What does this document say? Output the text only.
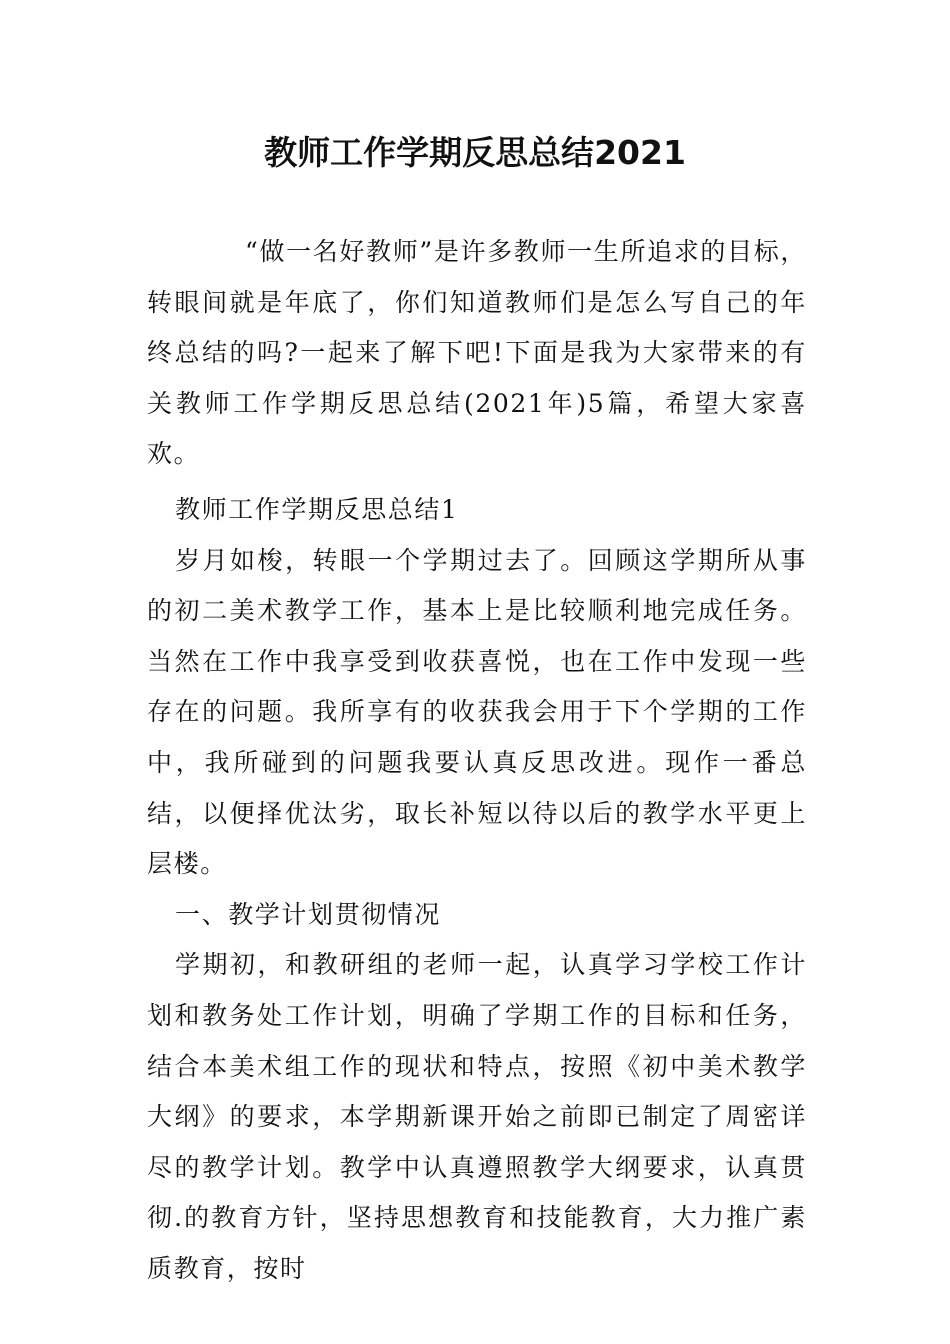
教师工作学期反思总结2021

“做一名好教师”是许多教师一生所追求的目标，转眼间就是年底了，你们知道教师们是怎么写自己的年终总结的吗?一起来了解下吧!下面是我为大家带来的有关教师工作学期反思总结(2021年)5篇，希望大家喜欢。

教师工作学期反思总结1

岁月如梭，转眼一个学期过去了。回顾这学期所从事的初二美术教学工作，基本上是比较顺利地完成任务。当然在工作中我享受到收获喜悦，也在工作中发现一些存在的问题。我所享有的收获我会用于下个学期的工作中，我所碰到的问题我要认真反思改进。现作一番总结，以便择优汰劣，取长补短以待以后的教学水平更上层楼。

一、教学计划贯彻情况

学期初，和教研组的老师一起，认真学习学校工作计划和教务处工作计划，明确了学期工作的目标和任务，结合本美术组工作的现状和特点，按照《初中美术教学大纲》的要求，本学期新课开始之前即已制定了周密详尽的教学计划。教学中认真遵照教学大纲要求，认真贯彻.的教育方针，坚持思想教育和技能教育，大力推广素质教育，按时
